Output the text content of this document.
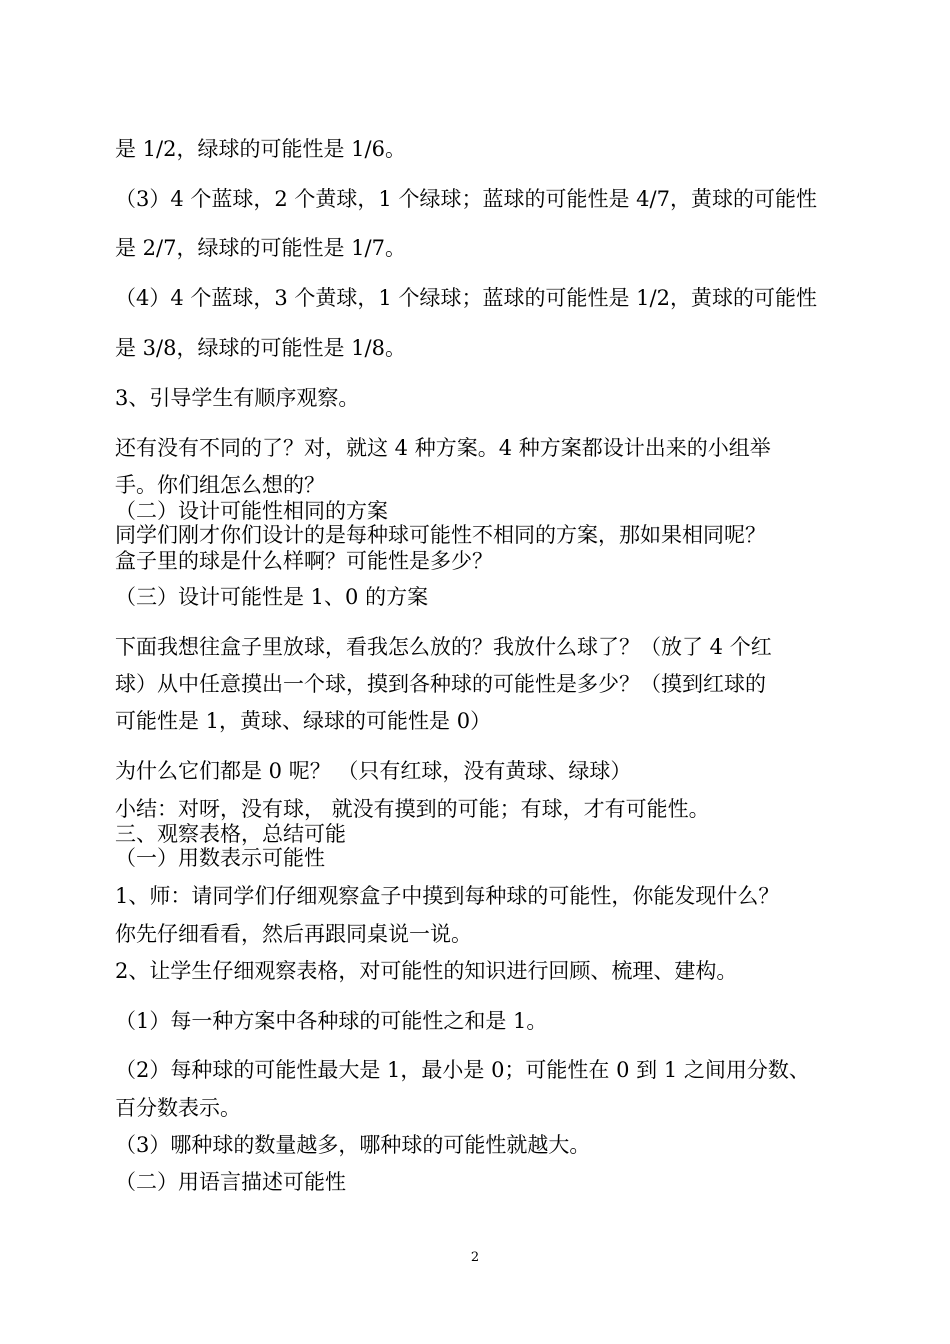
是 1/2，绿球的可能性是 1/6。

（3）4 个蓝球，2 个黄球，1 个绿球；蓝球的可能性是 4/7，黄球的可能性

是 2/7，绿球的可能性是 1/7。

（4）4 个蓝球，3 个黄球，1 个绿球；蓝球的可能性是 1/2，黄球的可能性

是 3/8，绿球的可能性是 1/8。

3、引导学生有顺序观察。

还有没有不同的了？对，就这 4 种方案。4 种方案都设计出来的小组举

手。你们组怎么想的？

（二）设计可能性相同的方案

同学们刚才你们设计的是每种球可能性不相同的方案，那如果相同呢？

盒子里的球是什么样啊？可能性是多少？

（三）设计可能性是 1、0 的方案

下面我想往盒子里放球，看我怎么放的？我放什么球了？（放了 4 个红

球）从中任意摸出一个球，摸到各种球的可能性是多少？（摸到红球的

可能性是 1，黄球、绿球的可能性是 0）

为什么它们都是 0 呢？ （只有红球，没有黄球、绿球）

小结：对呀，没有球， 就没有摸到的可能；有球，才有可能性。

三、观察表格，总结可能

（一）用数表示可能性

1、师：请同学们仔细观察盒子中摸到每种球的可能性，你能发现什么？

你先仔细看看，然后再跟同桌说一说。

2、让学生仔细观察表格，对可能性的知识进行回顾、梳理、建构。

（1）每一种方案中各种球的可能性之和是 1。

（2）每种球的可能性最大是 1，最小是 0；可能性在 0 到 1 之间用分数、

百分数表示。

（3）哪种球的数量越多，哪种球的可能性就越大。

（二）用语言描述可能性

2
